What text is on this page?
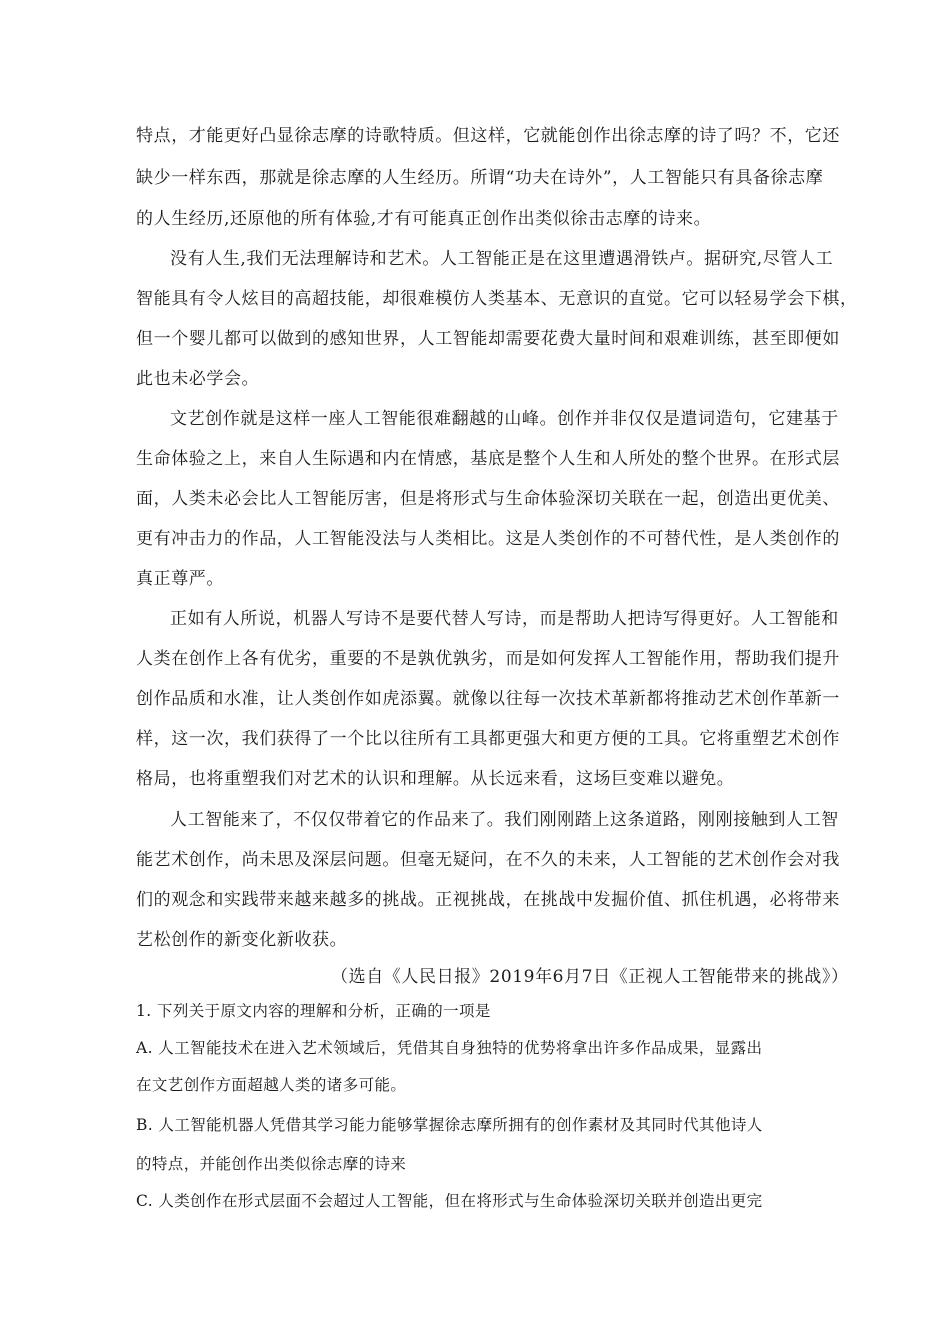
特点，才能更好凸显徐志摩的诗歌特质。但这样，它就能创作出徐志摩的诗了吗？不，它还
缺少一样东西，那就是徐志摩的人生经历。所谓“功夫在诗外”，人工智能只有具备徐志摩
的人生经历,还原他的所有体验,才有可能真正创作出类似徐击志摩的诗来。
没有人生,我们无法理解诗和艺术。人工智能正是在这里遭遇滑铁卢。据研究,尽管人工
智能具有令人炫目的高超技能，却很难模仿人类基本、无意识的直觉。它可以轻易学会下棋，
但一个婴儿都可以做到的感知世界，人工智能却需要花费大量时间和艰难训练，甚至即便如
此也未必学会。
文艺创作就是这样一座人工智能很难翻越的山峰。创作并非仅仅是遣词造句，它建基于
生命体验之上，来自人生际遇和内在情感，基底是整个人生和人所处的整个世界。在形式层
面，人类未必会比人工智能厉害，但是将形式与生命体验深切关联在一起，创造出更优美、
更有冲击力的作品，人工智能没法与人类相比。这是人类创作的不可替代性，是人类创作的
真正尊严。
正如有人所说，机器人写诗不是要代替人写诗，而是帮助人把诗写得更好。人工智能和
人类在创作上各有优劣，重要的不是孰优孰劣，而是如何发挥人工智能作用，帮助我们提升
创作品质和水准，让人类创作如虎添翼。就像以往每一次技术革新都将推动艺术创作革新一
样，这一次，我们获得了一个比以往所有工具都更强大和更方便的工具。它将重塑艺术创作
格局，也将重塑我们对艺术的认识和理解。从长远来看，这场巨变难以避免。
人工智能来了，不仅仅带着它的作品来了。我们刚刚踏上这条道路，刚刚接触到人工智
能艺术创作，尚未思及深层问题。但毫无疑问，在不久的未来，人工智能的艺术创作会对我
们的观念和实践带来越来越多的挑战。正视挑战，在挑战中发掘价值、抓住机遇，必将带来
艺松创作的新变化新收获。
（选自《人民日报》2019年6月7日《正视人工智能带来的挑战》）
1. 下列关于原文内容的理解和分析，正确的一项是
A. 人工智能技术在进入艺术领域后，凭借其自身独特的优势将拿出许多作品成果，显露出
在文艺创作方面超越人类的诸多可能。
B. 人工智能机器人凭借其学习能力能够掌握徐志摩所拥有的创作素材及其同时代其他诗人
的特点，并能创作出类似徐志摩的诗来
C. 人类创作在形式层面不会超过人工智能，但在将形式与生命体验深切关联并创造出更完
